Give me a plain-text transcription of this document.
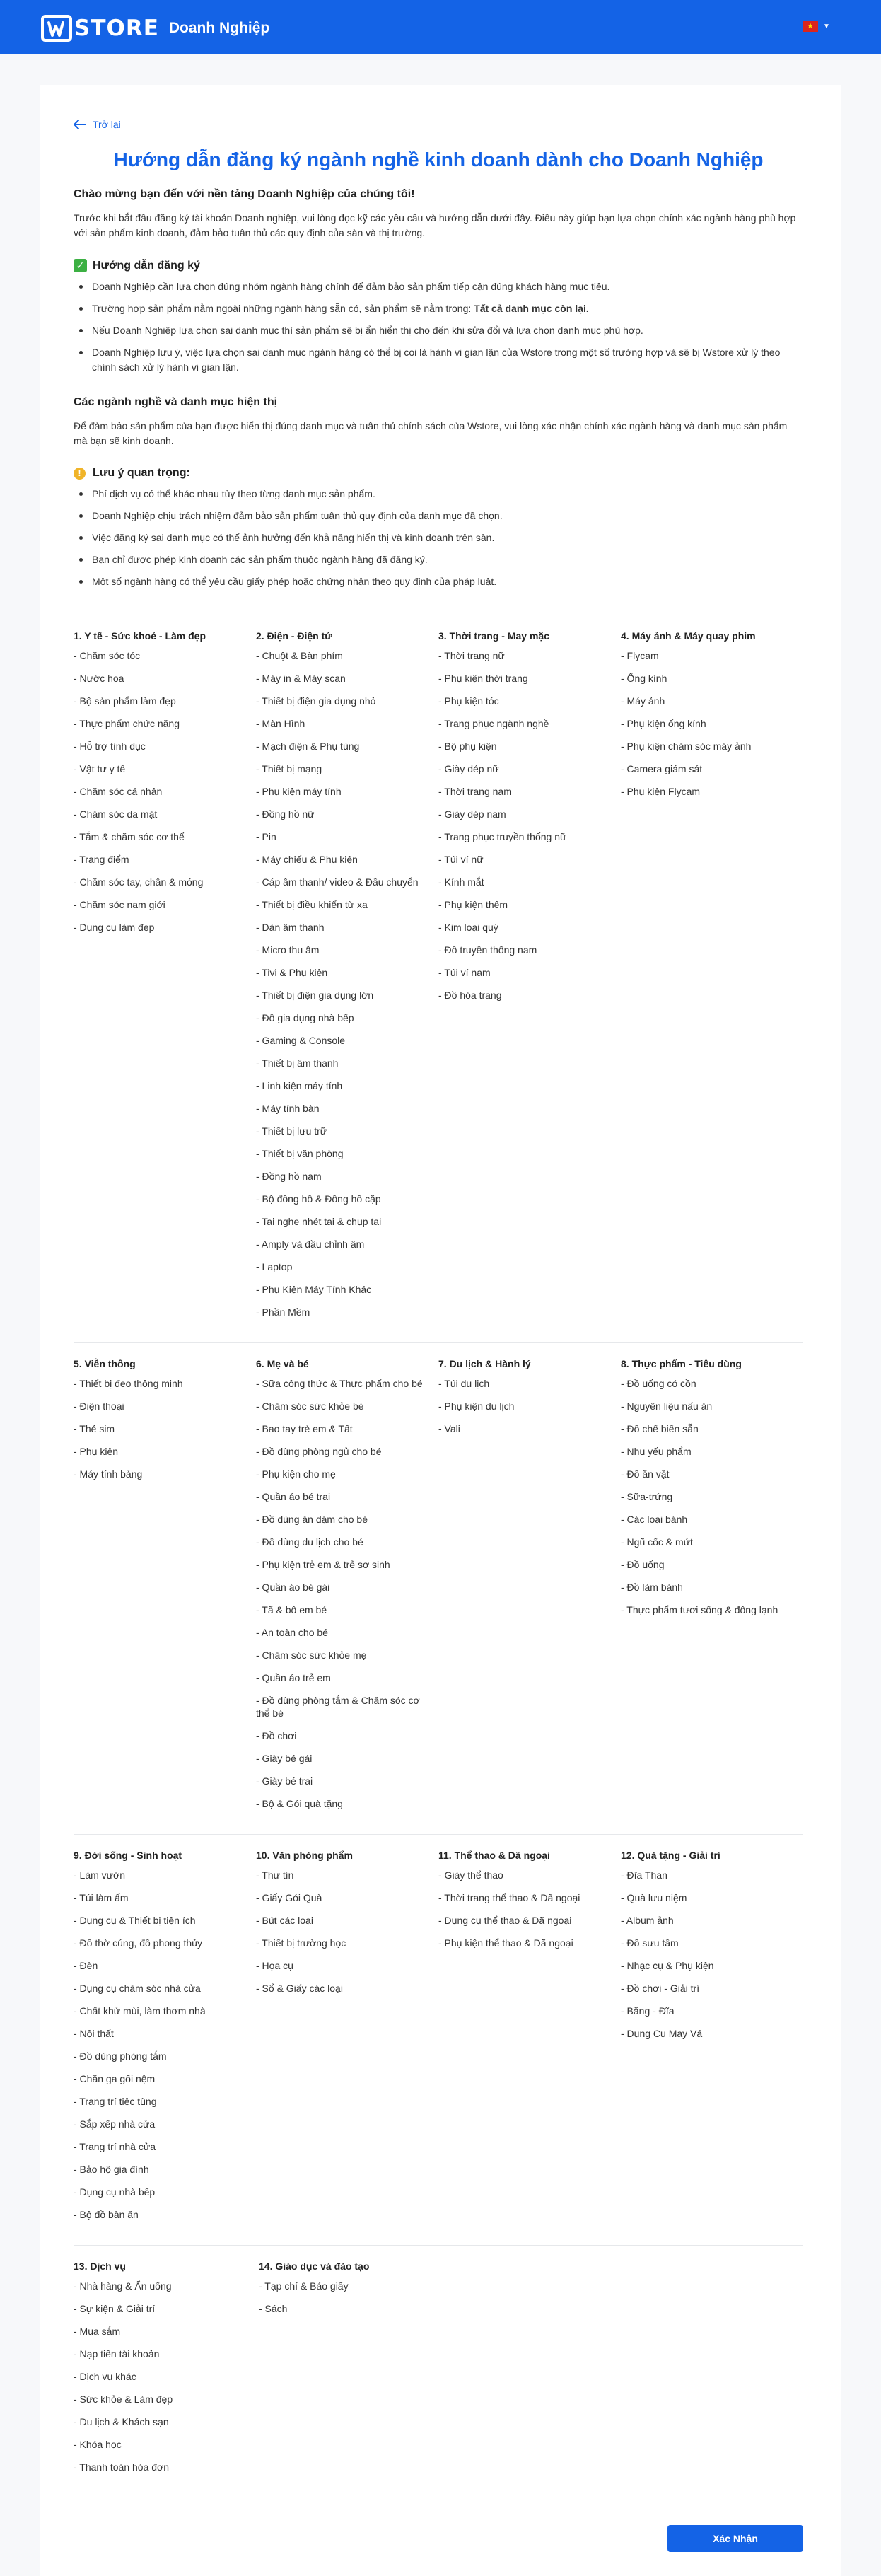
STORE Doanh Nghiệp	★ ▼
Trở lại
Hướng dẫn đăng ký ngành nghề kinh doanh dành cho Doanh Nghiệp
Chào mừng bạn đến với nền tảng Doanh Nghiệp của chúng tôi!

Trước khi bắt đầu đăng ký tài khoản Doanh nghiệp, vui lòng đọc kỹ các yêu cầu và hướng dẫn dưới đây. Điều này giúp bạn lựa chọn chính xác ngành hàng phù hợp với sản phẩm kinh doanh, đảm bảo tuân thủ các quy định của sàn và thị trường.

✓ Hướng dẫn đăng ký
Doanh Nghiệp cần lựa chọn đúng nhóm ngành hàng chính để đảm bảo sản phẩm tiếp cận đúng khách hàng mục tiêu.
Trường hợp sản phẩm nằm ngoài những ngành hàng sẵn có, sản phẩm sẽ nằm trong: Tất cả danh mục còn lại.
Nếu Doanh Nghiệp lựa chọn sai danh mục thì sản phẩm sẽ bị ẩn hiển thị cho đến khi sửa đổi và lựa chọn danh mục phù hợp.
Doanh Nghiệp lưu ý, việc lựa chọn sai danh mục ngành hàng có thể bị coi là hành vi gian lận của Wstore trong một số trường hợp và sẽ bị Wstore xử lý theo chính sách xử lý hành vi gian lận.
Các ngành nghề và danh mục hiện thị

Để đảm bảo sản phẩm của bạn được hiển thị đúng danh mục và tuân thủ chính sách của Wstore, vui lòng xác nhận chính xác ngành hàng và danh mục sản phẩm mà bạn sẽ kinh doanh.

!	Lưu ý quan trọng:
Phí dịch vụ có thể khác nhau tùy theo từng danh mục sản phẩm.
Doanh Nghiệp chịu trách nhiệm đảm bảo sản phẩm tuân thủ quy định của danh mục đã chọn.
Việc đăng ký sai danh mục có thể ảnh hưởng đến khả năng hiển thị và kinh doanh trên sàn.
Bạn chỉ được phép kinh doanh các sản phẩm thuộc ngành hàng đã đăng ký.
Một số ngành hàng có thể yêu cầu giấy phép hoặc chứng nhận theo quy định của pháp luật.
1. Y tế - Sức khoẻ - Làm đẹp
- Chăm sóc tóc
- Nước hoa
- Bộ sản phẩm làm đẹp
- Thực phẩm chức năng
- Hỗ trợ tình dục
- Vật tư y tế
- Chăm sóc cá nhân
- Chăm sóc da mặt
- Tắm & chăm sóc cơ thể
- Trang điểm
- Chăm sóc tay, chân & móng
- Chăm sóc nam giới
- Dụng cụ làm đẹp
2. Điện - Điện tử
- Chuột & Bàn phím
- Máy in & Máy scan
- Thiết bị điện gia dụng nhỏ
- Màn Hình
- Mạch điện & Phụ tùng
- Thiết bị mạng
- Phụ kiện máy tính
- Đồng hồ nữ
- Pin
- Máy chiếu & Phụ kiện
- Cáp âm thanh/ video & Đầu chuyển
- Thiết bị điều khiển từ xa
- Dàn âm thanh
- Micro thu âm
- Tivi & Phụ kiện
- Thiết bị điện gia dụng lớn
- Đồ gia dụng nhà bếp
- Gaming & Console
- Thiết bị âm thanh
- Linh kiện máy tính
- Máy tính bàn
- Thiết bị lưu trữ
- Thiết bị văn phòng
- Đồng hồ nam
- Bộ đồng hồ & Đồng hồ cặp
- Tai nghe nhét tai & chụp tai
- Amply và đầu chỉnh âm
- Laptop
- Phụ Kiện Máy Tính Khác
- Phần Mềm
3. Thời trang - May mặc
- Thời trang nữ
- Phụ kiện thời trang
- Phụ kiện tóc
- Trang phục ngành nghề
- Bộ phụ kiện
- Giày dép nữ
- Thời trang nam
- Giày dép nam
- Trang phục truyền thống nữ
- Túi ví nữ
- Kính mắt
- Phụ kiện thêm
- Kim loại quý
- Đồ truyền thống nam
- Túi ví nam
- Đồ hóa trang
4. Máy ảnh & Máy quay phim
- Flycam
- Ống kính
- Máy ảnh
- Phụ kiện ống kính
- Phụ kiện chăm sóc máy ảnh
- Camera giám sát
- Phụ kiện Flycam
5. Viễn thông
- Thiết bị đeo thông minh
- Điện thoại
- Thẻ sim
- Phụ kiện
- Máy tính bảng
6. Mẹ và bé
- Sữa công thức & Thực phẩm cho bé
- Chăm sóc sức khỏe bé
- Bao tay trẻ em & Tất
- Đồ dùng phòng ngủ cho bé
- Phụ kiện cho mẹ
- Quần áo bé trai
- Đồ dùng ăn dặm cho bé
- Đồ dùng du lịch cho bé
- Phụ kiện trẻ em & trẻ sơ sinh
- Quần áo bé gái
- Tã & bô em bé
- An toàn cho bé
- Chăm sóc sức khỏe mẹ
- Quần áo trẻ em
- Đồ dùng phòng tắm & Chăm sóc cơ thể bé
- Đồ chơi
- Giày bé gái
- Giày bé trai
- Bộ & Gói quà tặng
7. Du lịch & Hành lý
- Túi du lịch
- Phụ kiện du lịch
- Vali
8. Thực phẩm - Tiêu dùng
- Đồ uống có cồn
- Nguyên liệu nấu ăn
- Đồ chế biến sẵn
- Nhu yếu phẩm
- Đồ ăn vặt
- Sữa-trứng
- Các loại bánh
- Ngũ cốc & mứt
- Đồ uống
- Đồ làm bánh
- Thực phẩm tươi sống & đông lạnh
9. Đời sống - Sinh hoạt
- Làm vườn
- Túi làm ấm
- Dụng cụ & Thiết bị tiện ích
- Đồ thờ cúng, đồ phong thủy
- Đèn
- Dụng cụ chăm sóc nhà cửa
- Chất khử mùi, làm thơm nhà
- Nội thất
- Đồ dùng phòng tắm
- Chăn ga gối nệm
- Trang trí tiệc tùng
- Sắp xếp nhà cửa
- Trang trí nhà cửa
- Bảo hộ gia đình
- Dụng cụ nhà bếp
- Bộ đồ bàn ăn
10. Văn phòng phẩm
- Thư tín
- Giấy Gói Quà
- Bút các loại
- Thiết bị trường học
- Họa cụ
- Sổ & Giấy các loại
11. Thể thao & Dã ngoại
- Giày thể thao
- Thời trang thể thao & Dã ngoại
- Dụng cụ thể thao & Dã ngoại
- Phụ kiện thể thao & Dã ngoại
12. Quà tặng - Giải trí
- Đĩa Than
- Quà lưu niệm
- Album ảnh
- Đồ sưu tầm
- Nhạc cụ & Phụ kiện
- Đồ chơi - Giải trí
- Băng - Đĩa
- Dụng Cụ May Vá
13. Dịch vụ
- Nhà hàng & Ẩn uống
- Sự kiện & Giải trí
- Mua sắm
- Nạp tiền tài khoản
- Dịch vụ khác
- Sức khỏe & Làm đẹp
- Du lịch & Khách sạn
- Khóa học
- Thanh toán hóa đơn
14. Giáo dục và đào tạo
- Tạp chí & Báo giấy
- Sách
Xác Nhận
